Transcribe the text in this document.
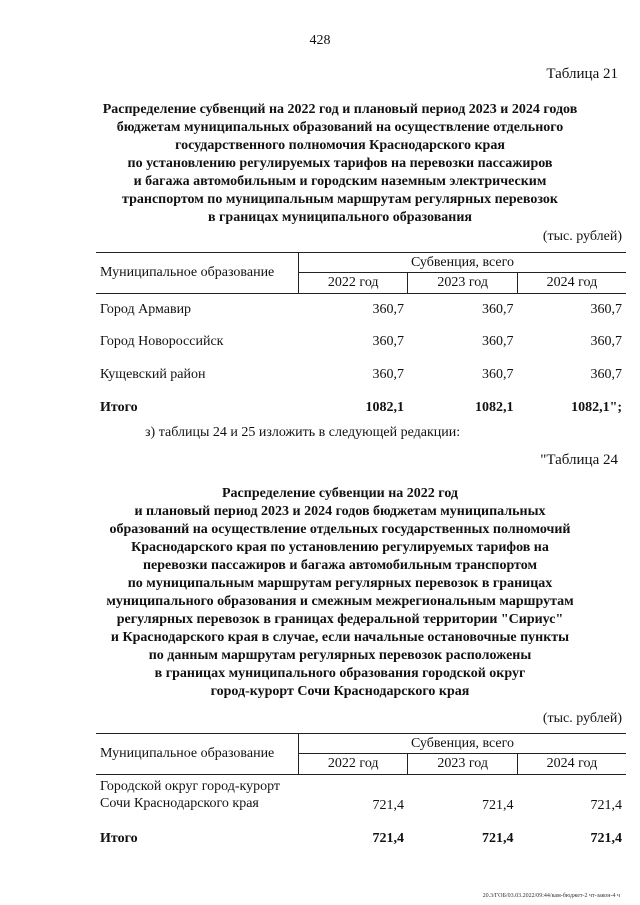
428
Таблица 21
Распределение субвенций на 2022 год и плановый период 2023 и 2024 годов
бюджетам муниципальных образований на осуществление отдельного
государственного полномочия Краснодарского края
по установлению регулируемых тарифов на перевозки пассажиров
и багажа автомобильным и городским наземным электрическим
транспортом по муниципальным маршрутам регулярных перевозок
в границах муниципального образования
(тыс. рублей)
Муниципальное образование	Субвенция, всего		
	2022 год	2023 год	2024 год
Город Армавир	360,7	360,7	360,7
Город Новороссийск	360,7	360,7	360,7
Кущевский район	360,7	360,7	360,7
Итого	1082,1	1082,1	1082,1";
з) таблицы 24 и 25 изложить в следующей редакции:
"Таблица 24
Распределение субвенции на 2022 год
и плановый период 2023 и 2024 годов бюджетам муниципальных
образований на осуществление отдельных государственных полномочий
Краснодарского края по установлению регулируемых тарифов на
перевозки пассажиров и багажа автомобильным транспортом
по муниципальным маршрутам регулярных перевозок в границах
муниципального образования и смежным межрегиональным маршрутам
регулярных перевозок в границах федеральной территории "Сириус"
и Краснодарского края в случае, если начальные остановочные пункты
по данным маршрутам регулярных перевозок расположены
в границах муниципального образования городской округ
город-курорт Сочи Краснодарского края
(тыс. рублей)
Муниципальное образование	Субвенция, всего		
	2022 год	2023 год	2024 год

Городской округ город-курорт
Сочи Краснодарского края	721,4	721,4	721,4
Итого	721,4	721,4	721,4
20.3/ГОБ/03.03.2022/09:44/кам-бюджет-2 чт-закон-4 ч
